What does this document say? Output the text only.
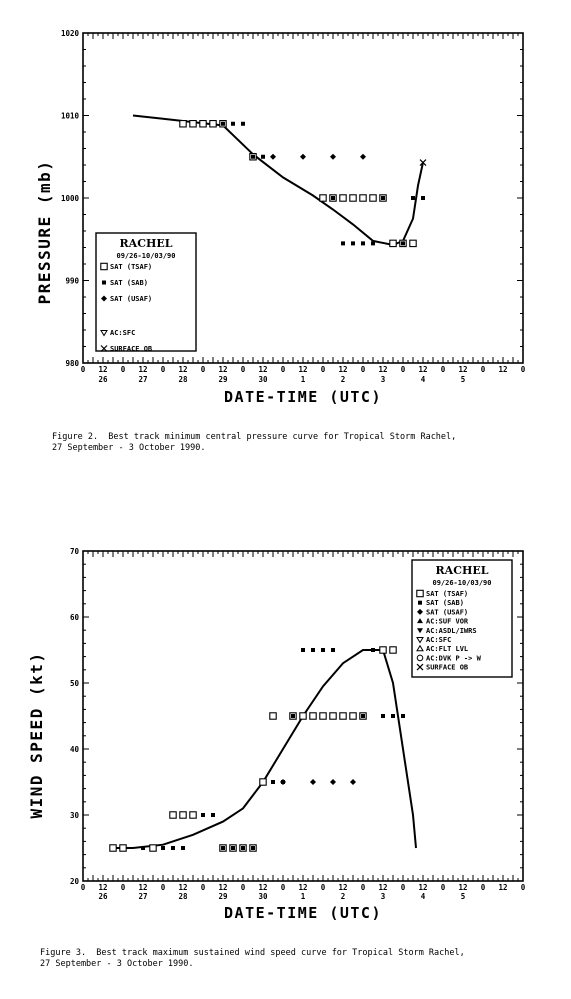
0 12 0 12 0 12 0 12 0 12 0 12 0 12 0 12 0 12 0 12 0 12 0
26	27	28	29	30	1	2	3	4	5
980
990
1000
1010
1020
DATE-TIME (UTC)
PRESSURE (mb)	RACHEL
09/26-10/03/90
SAT (TSAF)
SAT (SAB)
SAT (USAF)
AC:SFC
SURFACE OB
0 12 0 12 0 12 0 12 0 12 0 12 0 12 0 12 0 12 0 12 0 12 0
26	27	28	29	30	1	2	3	4	5
20
30
40
50
60
70
DATE-TIME (UTC)
WIND SPEED (kt)
RACHEL
09/26-10/03/90
SAT (TSAF)
SAT (SAB)
SAT (USAF)
AC:SUF VOR
AC:ASDL/IWRS
AC:SFC
AC:FLT LVL
AC:DVK P -> W
SURFACE OB
Figure 2.  Best track minimum central pressure curve for Tropical Storm Rachel,
27 September - 3 October 1990.
Figure 3.  Best track maximum sustained wind speed curve for Tropical Storm Rachel,
27 September - 3 October 1990.
